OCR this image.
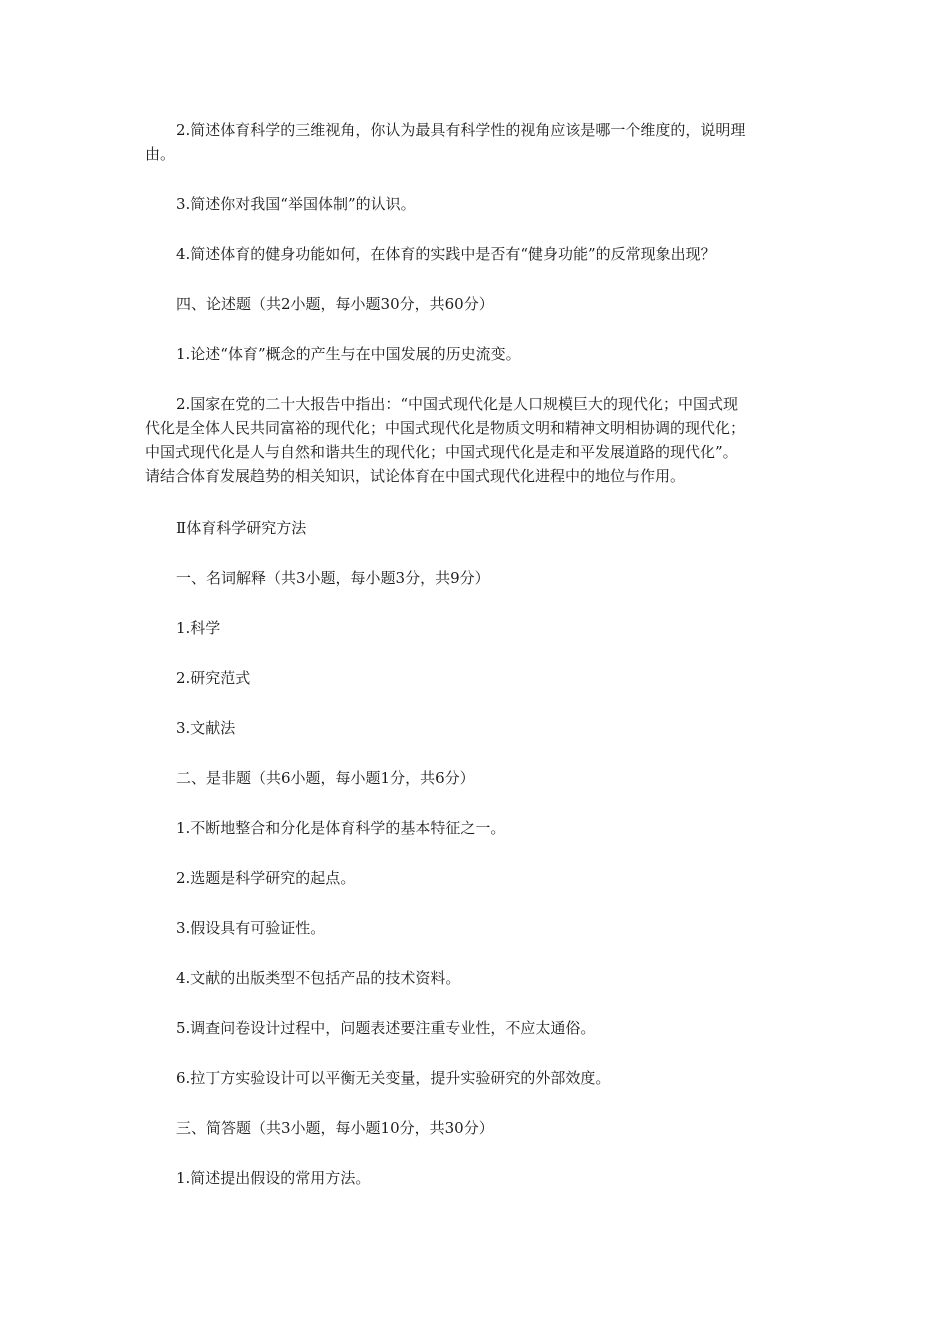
2.简述体育科学的三维视角，你认为最具有科学性的视角应该是哪一个维度的，说明理
由。
3.简述你对我国“举国体制”的认识。
4.简述体育的健身功能如何，在体育的实践中是否有“健身功能”的反常现象出现？
四、论述题（共2小题，每小题30分，共60分）
1.论述“体育”概念的产生与在中国发展的历史流变。
2.国家在党的二十大报告中指出：“中国式现代化是人口规模巨大的现代化；中国式现
代化是全体人民共同富裕的现代化；中国式现代化是物质文明和精神文明相协调的现代化；
中国式现代化是人与自然和谐共生的现代化；中国式现代化是走和平发展道路的现代化”。
请结合体育发展趋势的相关知识，试论体育在中国式现代化进程中的地位与作用。
Ⅱ体育科学研究方法
一、名词解释（共3小题，每小题3分，共9分）
1.科学
2.研究范式
3.文献法
二、是非题（共6小题，每小题1分，共6分）
1.不断地整合和分化是体育科学的基本特征之一。
2.选题是科学研究的起点。
3.假设具有可验证性。
4.文献的出版类型不包括产品的技术资料。
5.调查问卷设计过程中，问题表述要注重专业性，不应太通俗。
6.拉丁方实验设计可以平衡无关变量，提升实验研究的外部效度。
三、简答题（共3小题，每小题10分，共30分）
1.简述提出假设的常用方法。
